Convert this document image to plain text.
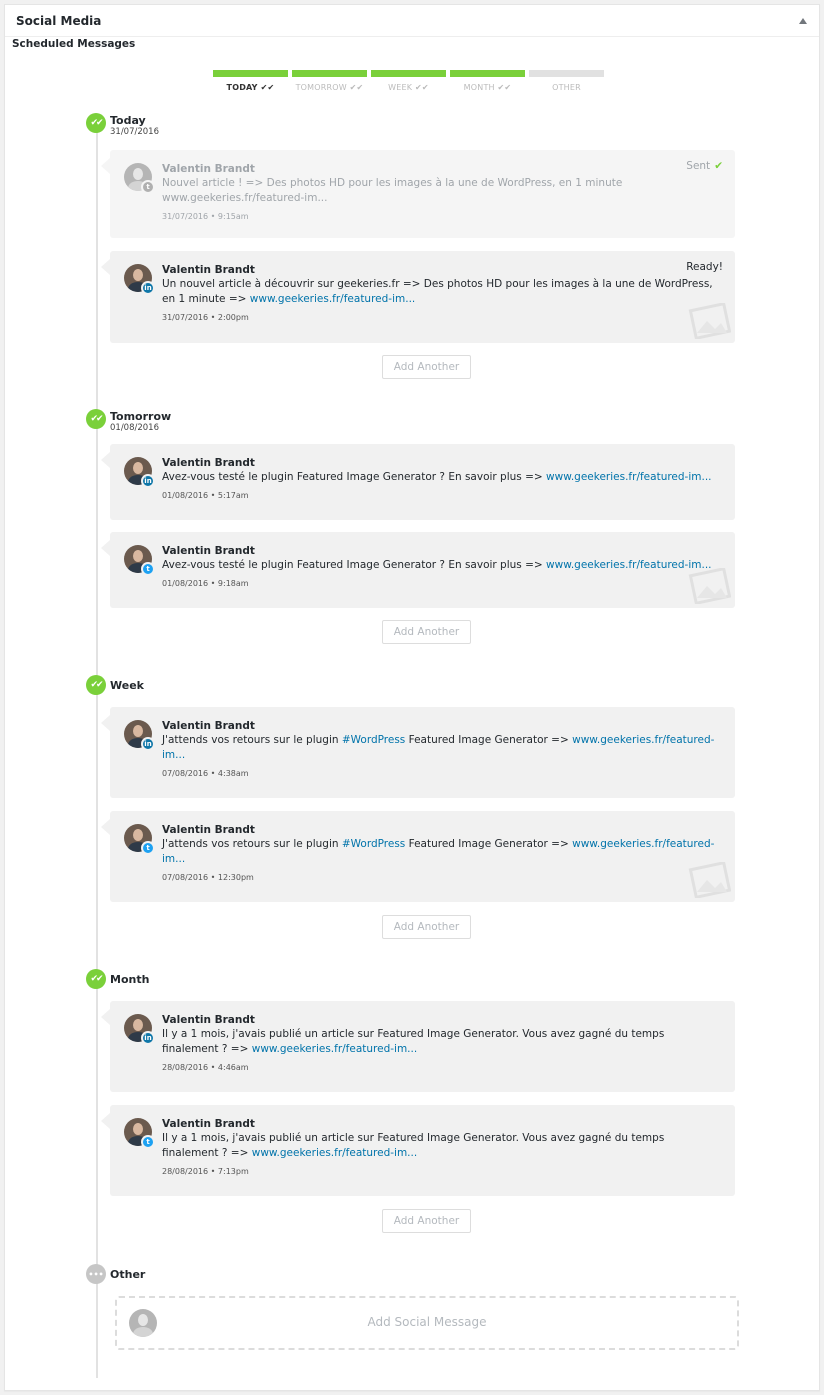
Social Media
Scheduled Messages
TODAY ✔✔	TOMORROW ✔✔	WEEK ✔✔	MONTH ✔✔	OTHER
✔✔ Today
31/07/2016
t
Sent ✔
Valentin Brandt
Nouvel article ! => Des photos HD pour les images à la une de WordPress, en 1 minute www.geekeries.fr/featured-im...
31/07/2016 • 9:15am
in
Ready!
Valentin Brandt
Un nouvel article à découvrir sur geekeries.fr => Des photos HD pour les images à la une de WordPress, en 1 minute => www.geekeries.fr/featured-im...
31/07/2016 • 2:00pm
Add Another
✔✔ Tomorrow
01/08/2016
in
Valentin Brandt
Avez-vous testé le plugin Featured Image Generator ? En savoir plus => www.geekeries.fr/featured-im...
01/08/2016 • 5:17am
t
Valentin Brandt
Avez-vous testé le plugin Featured Image Generator ? En savoir plus => www.geekeries.fr/featured-im...
01/08/2016 • 9:18am
Add Another
✔✔ Week
in
Valentin Brandt
J'attends vos retours sur le plugin #WordPress Featured Image Generator => www.geekeries.fr/featured-im...
07/08/2016 • 4:38am
t
Valentin Brandt
J'attends vos retours sur le plugin #WordPress Featured Image Generator => www.geekeries.fr/featured-im...
07/08/2016 • 12:30pm
Add Another
✔✔ Month
in
Valentin Brandt
Il y a 1 mois, j'avais publié un article sur Featured Image Generator. Vous avez gagné du temps finalement ? => www.geekeries.fr/featured-im...
28/08/2016 • 4:46am
t
Valentin Brandt
Il y a 1 mois, j'avais publié un article sur Featured Image Generator. Vous avez gagné du temps finalement ? => www.geekeries.fr/featured-im...
28/08/2016 • 7:13pm
Add Another
••• Other
Add Social Message
